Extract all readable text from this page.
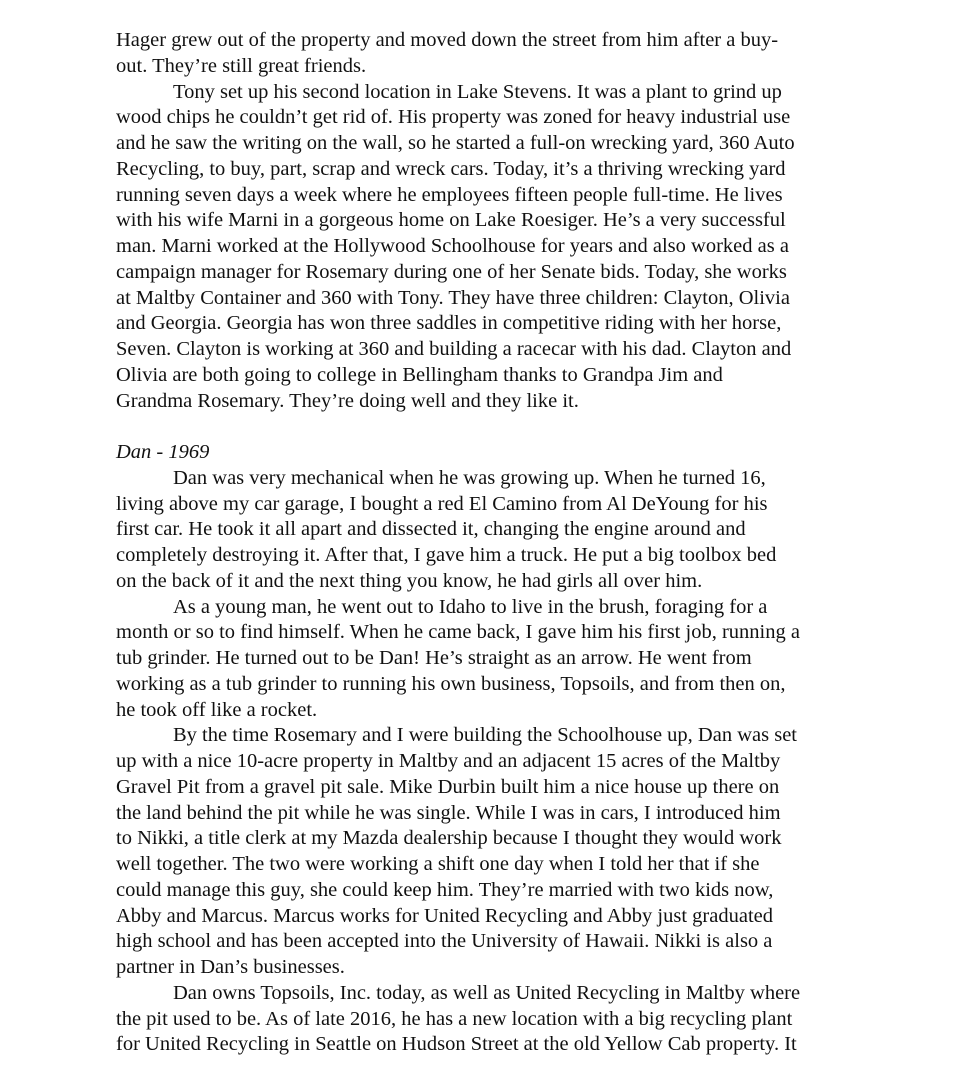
Hager grew out of the property and moved down the street from him after a buy-
out. They’re still great friends.
Tony set up his second location in Lake Stevens. It was a plant to grind up
wood chips he couldn’t get rid of. His property was zoned for heavy industrial use
and he saw the writing on the wall, so he started a full-on wrecking yard, 360 Auto
Recycling, to buy, part, scrap and wreck cars. Today, it’s a thriving wrecking yard
running seven days a week where he employees fifteen people full-time. He lives
with his wife Marni in a gorgeous home on Lake Roesiger. He’s a very successful
man. Marni worked at the Hollywood Schoolhouse for years and also worked as a
campaign manager for Rosemary during one of her Senate bids. Today, she works
at Maltby Container and 360 with Tony. They have three children: Clayton, Olivia
and Georgia. Georgia has won three saddles in competitive riding with her horse,
Seven. Clayton is working at 360 and building a racecar with his dad. Clayton and
Olivia are both going to college in Bellingham thanks to Grandpa Jim and
Grandma Rosemary. They’re doing well and they like it.
Dan - 1969
Dan was very mechanical when he was growing up. When he turned 16,
living above my car garage, I bought a red El Camino from Al DeYoung for his
first car. He took it all apart and dissected it, changing the engine around and
completely destroying it. After that, I gave him a truck. He put a big toolbox bed
on the back of it and the next thing you know, he had girls all over him.
As a young man, he went out to Idaho to live in the brush, foraging for a
month or so to find himself. When he came back, I gave him his first job, running a
tub grinder. He turned out to be Dan! He’s straight as an arrow. He went from
working as a tub grinder to running his own business, Topsoils, and from then on,
he took off like a rocket.
By the time Rosemary and I were building the Schoolhouse up, Dan was set
up with a nice 10-acre property in Maltby and an adjacent 15 acres of the Maltby
Gravel Pit from a gravel pit sale. Mike Durbin built him a nice house up there on
the land behind the pit while he was single. While I was in cars, I introduced him
to Nikki, a title clerk at my Mazda dealership because I thought they would work
well together. The two were working a shift one day when I told her that if she
could manage this guy, she could keep him. They’re married with two kids now,
Abby and Marcus. Marcus works for United Recycling and Abby just graduated
high school and has been accepted into the University of Hawaii. Nikki is also a
partner in Dan’s businesses.
Dan owns Topsoils, Inc. today, as well as United Recycling in Maltby where
the pit used to be. As of late 2016, he has a new location with a big recycling plant
for United Recycling in Seattle on Hudson Street at the old Yellow Cab property. It
